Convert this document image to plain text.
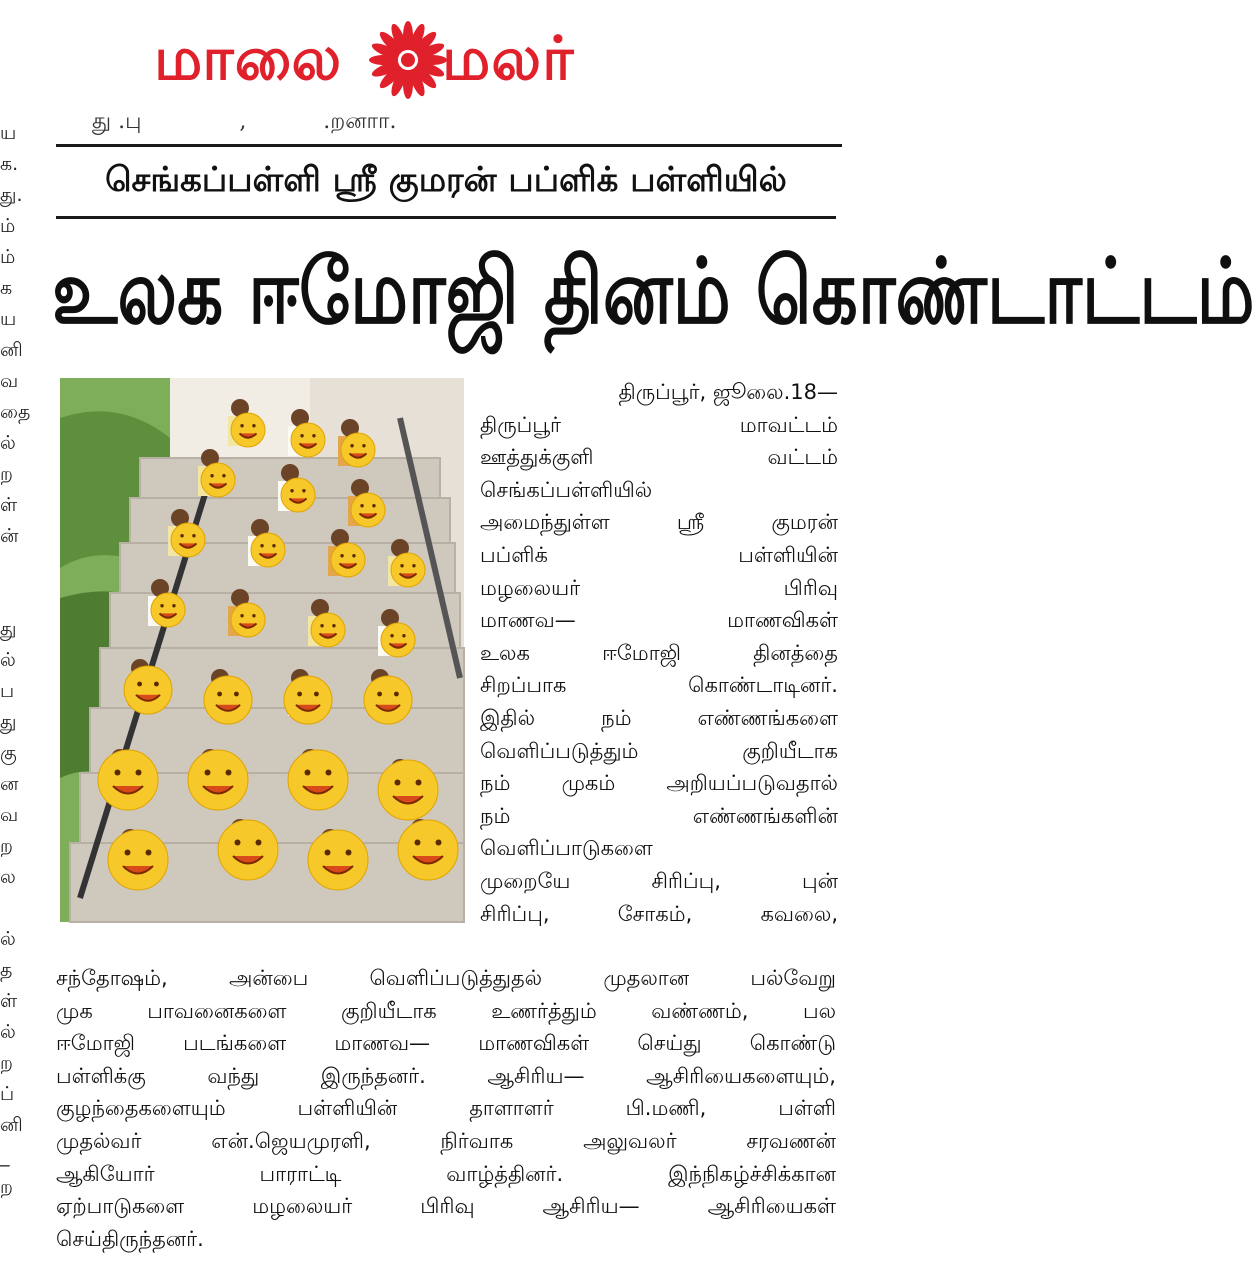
மாலை மலர்
து .பு              ,           .றனாா.
செங்கப்பள்ளி ஸ்ரீ குமரன் பப்ளிக் பள்ளியில்
உலக ஈமோஜி தினம் கொண்டாட்டம்
ய
க.
து.
ம்
ம்
க
ய
னி
வ
தை
ல்
ற
ள்
ன்
து
ல்
ப
து
கு
ன
வ
ற
ல
ல்
த
ள்
ல்
ற
ப்
னி
_
ற
திருப்பூர், ஜூலை.18—
திருப்பூர் மாவட்டம்
ஊத்துக்குளி வட்டம்
செங்கப்பள்ளியில்
அமைந்துள்ள ஸ்ரீ குமரன்
பப்ளிக் பள்ளியின்
மழலையர் பிரிவு
மாணவ— மாணவிகள்
உலக ஈமோஜி தினத்தை
சிறப்பாக கொண்டாடினர்.
இதில் நம் எண்ணங்களை
வெளிப்படுத்தும் குறியீடாக
நம் முகம் அறியப்படுவதால்
நம் எண்ணங்களின்
வெளிப்பாடுகளை
முறையே சிரிப்பு, புன்
சிரிப்பு, சோகம், கவலை,
சந்தோஷம், அன்பை வெளிப்படுத்துதல் முதலான பல்வேறு
முக பாவனைகளை குறியீடாக உணர்த்தும் வண்ணம், பல
ஈமோஜி படங்களை மாணவ— மாணவிகள் செய்து கொண்டு
பள்ளிக்கு வந்து இருந்தனர். ஆசிரிய— ஆசிரியைகளையும்,
குழந்தைகளையும் பள்ளியின் தாளாளர் பி.மணி, பள்ளி
முதல்வர் என்.ஜெயமுரளி, நிர்வாக அலுவலர் சரவணன்
ஆகியோர் பாராட்டி வாழ்த்தினர். இந்நிகழ்ச்சிக்கான
ஏற்பாடுகளை மழலையர் பிரிவு ஆசிரிய— ஆசிரியைகள்
செய்திருந்தனர்.
